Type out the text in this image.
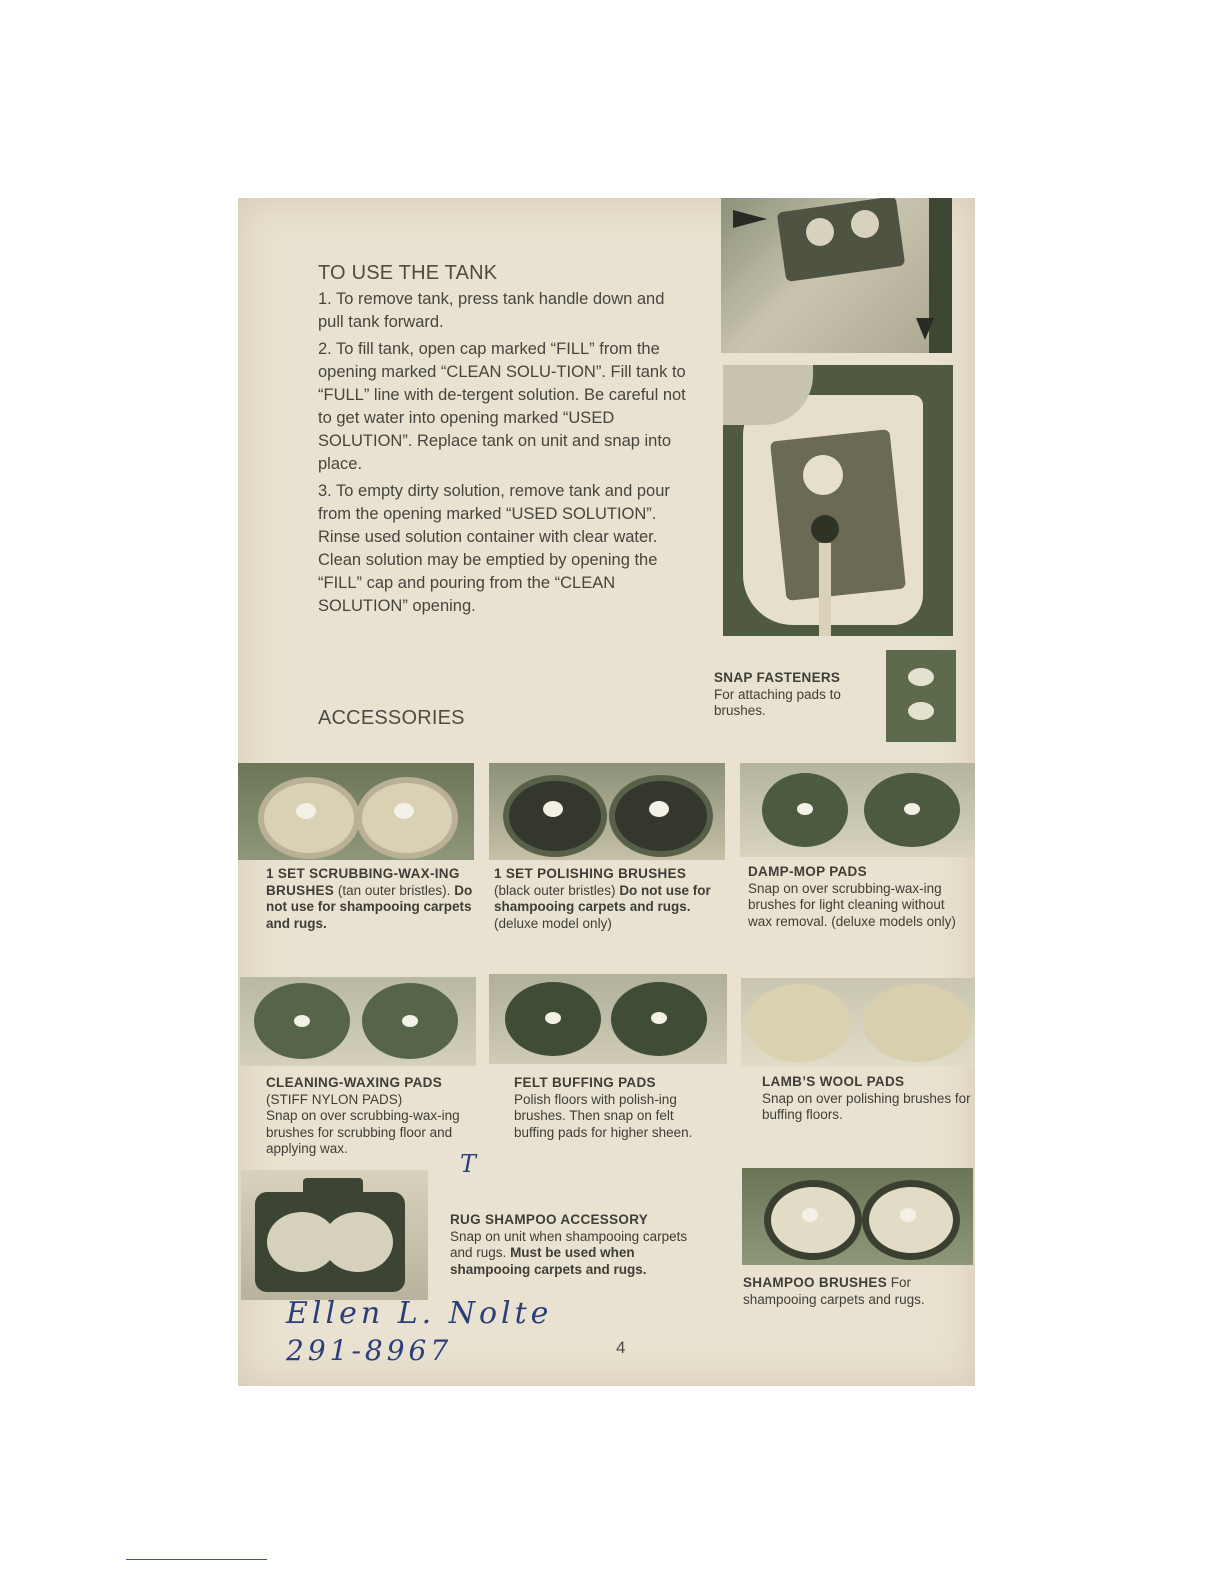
TO USE THE TANK

1. To remove tank, press tank handle down and pull tank forward.

2. To fill tank, open cap marked “FILL” from the opening marked “CLEAN SOLU-TION”. Fill tank to “FULL” line with de-tergent solution. Be careful not to get water into opening marked “USED SOLUTION”. Replace tank on unit and snap into place.

3. To empty dirty solution, remove tank and pour from the opening marked “USED SOLUTION”. Rinse used solution container with clear water. Clean solution may be emptied by opening the “FILL” cap and pouring from the “CLEAN SOLUTION” opening.

SNAP FASTENERS
For attaching pads to brushes.
ACCESSORIES
1 SET SCRUBBING-WAX-ING BRUSHES (tan outer bristles). Do not use for shampooing carpets and rugs.
1 SET POLISHING BRUSHES
(black outer bristles) Do not use for shampooing carpets and rugs. (deluxe model only)
DAMP-MOP PADS
Snap on over scrubbing-wax-ing brushes for light cleaning without wax removal. (deluxe models only)
CLEANING-WAXING PADS
(STIFF NYLON PADS)
Snap on over scrubbing-wax-ing brushes for scrubbing floor and applying wax.
FELT BUFFING PADS
Polish floors with polish-ing brushes. Then snap on felt buffing pads for higher sheen.
LAMB’S WOOL PADS
Snap on over polishing brushes for buffing floors.
T
RUG SHAMPOO ACCESSORY
Snap on unit when shampooing carpets and rugs. Must be used when shampooing carpets and rugs.
SHAMPOO BRUSHES For shampooing carpets and rugs.
Ellen L. Nolte
291-8967	4
